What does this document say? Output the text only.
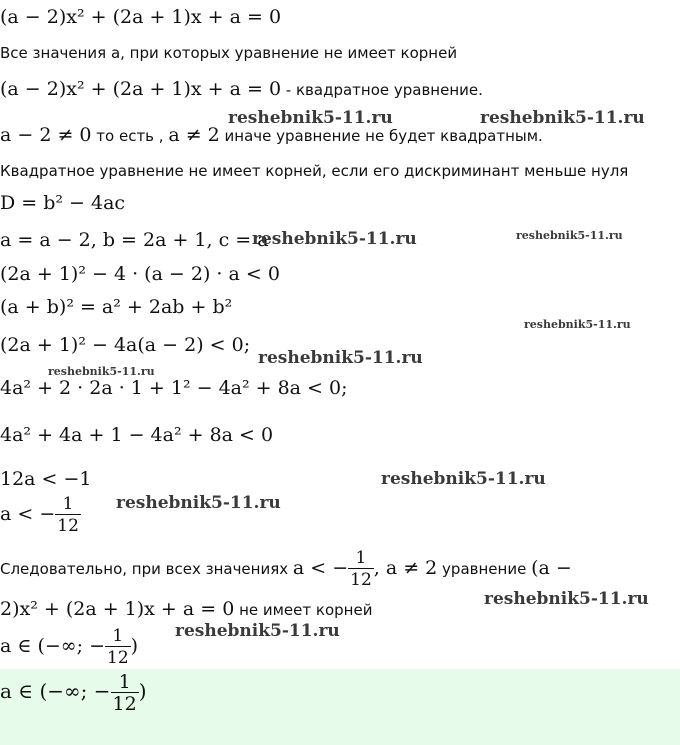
(a − 2)x² + (2a + 1)x + a = 0
Все значения a, при которых уравнение не имеет корней
(a − 2)x² + (2a + 1)x + a = 0 - квадратное уравнение.
a − 2 ≠ 0 то есть , a ≠ 2 иначе уравнение не будет квадратным.
Квадратное уравнение не имеет корней, если его дискриминант меньше нуля
D = b² − 4ac
a = a − 2, b = 2a + 1, c = a
(2a + 1)² − 4 · (a − 2) · a < 0
(a + b)² = a² + 2ab + b²
(2a + 1)² − 4a(a − 2) < 0;
4a² + 2 · 2a · 1 + 1² − 4a² + 8a < 0;
4a² + 4a + 1 − 4a² + 8a < 0
12a < −1
a < − $\frac{1}{12}$
Следовательно, при всех значениях a < − $\frac{1}{12}$ , a ≠ 2 уравнение (a −
2)x² + (2a + 1)x + a = 0 не имеет корней
a ∈ (−∞; − $\frac{1}{12}$ )
a ∈ (−∞; − $\frac{1}{12}$ )
reshebnik5-11.ru	reshebnik5-11.ru
reshebnik5-11.ru	reshebnik5-11.ru
reshebnik5-11.ru
reshebnik5-11.ru
reshebnik5-11.ru
reshebnik5-11.ru
reshebnik5-11.ru
reshebnik5-11.ru
reshebnik5-11.ru
